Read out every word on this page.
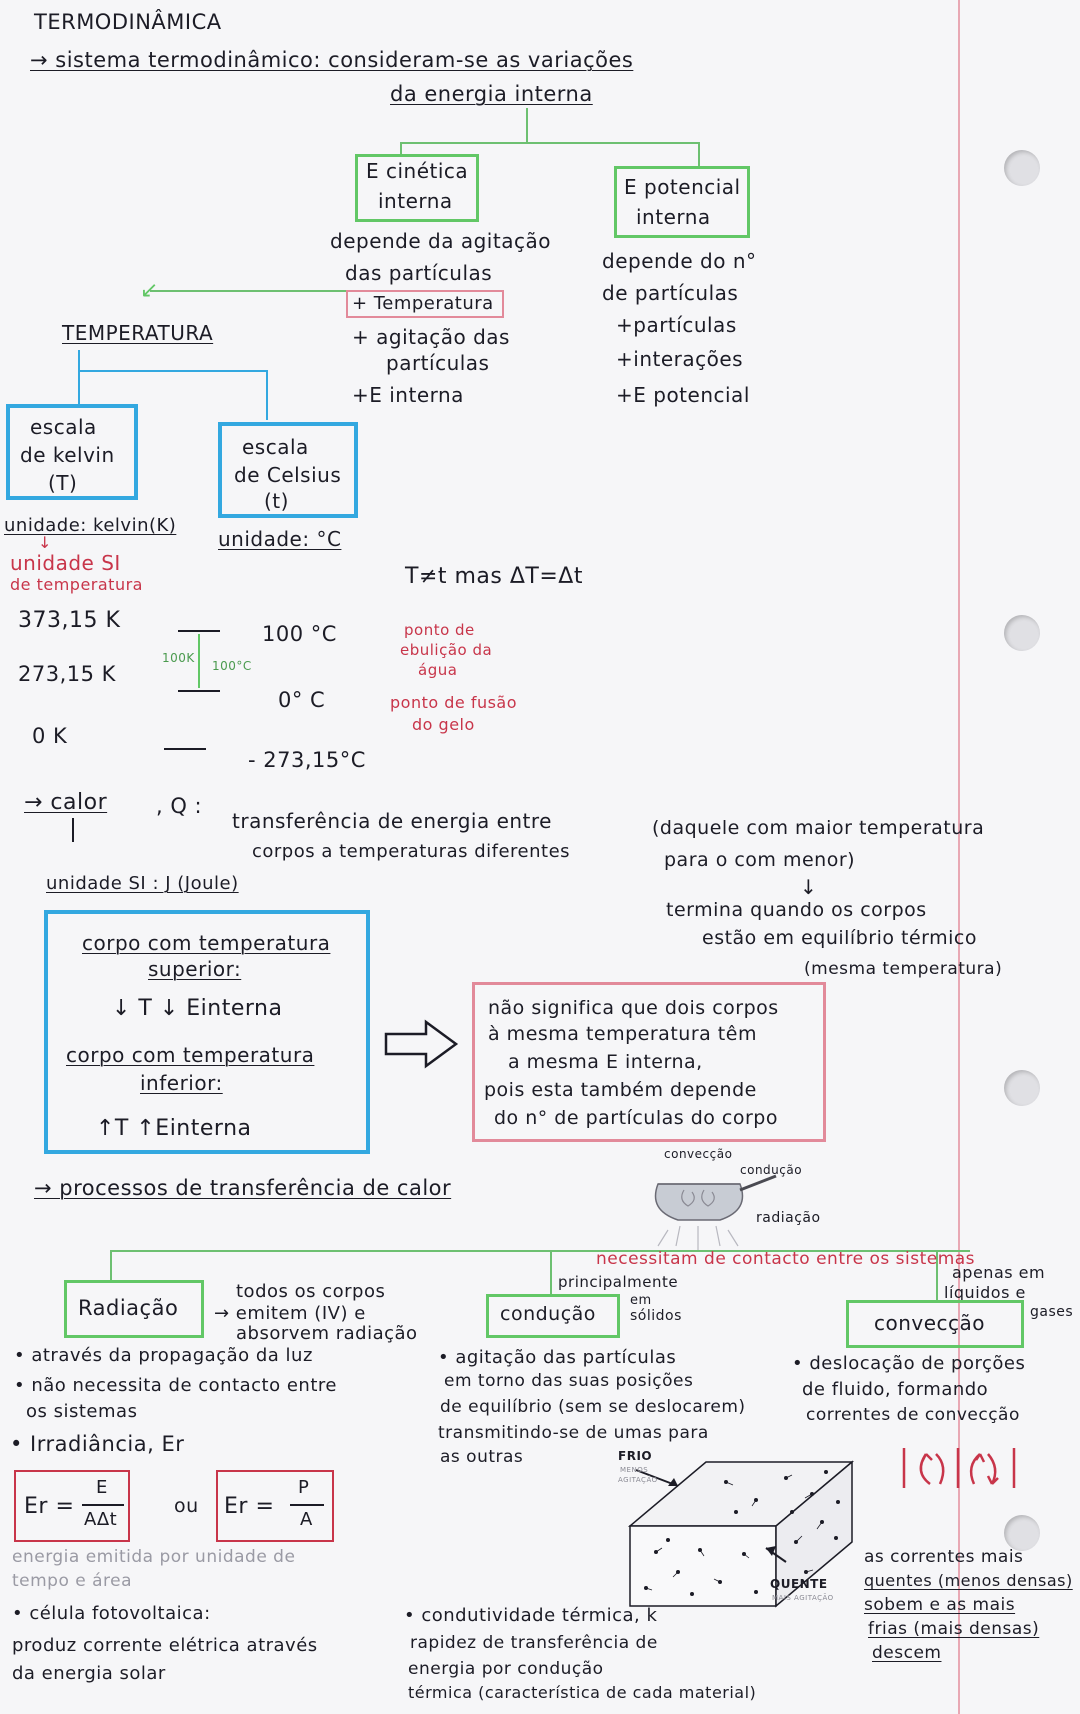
TERMODINÂMICA
→ sistema termodinâmico: consideram-se as variações
da energia interna
E cinética
interna
depende da agitação
das partículas
+ Temperatura
+ agitação das
partículas
+E interna
E potencial
interna
depende do n°
de partículas
+partículas
+interações
+E potencial
↙
TEMPERATURA
escala
de kelvin
(T)
escala
de Celsius
(t)
unidade: kelvin(K)
↓
unidade SI
de temperatura
unidade: °C
T≠t mas ΔT=Δt
373,15 K
273,15 K
0 K
100K
100°C
100 °C
0° C
- 273,15°C
ponto de
ebulição da
água
ponto de fusão
do gelo
→ calor , Q :
transferência de energia entre
corpos a temperaturas diferentes
unidade SI : J (Joule)
(daquele com maior temperatura
para o com menor)
↓
termina quando os corpos
estão em equilíbrio térmico
(mesma temperatura)
corpo com temperatura
superior:
↓ T ↓ Einterna
corpo com temperatura
inferior:
↑T ↑Einterna
não significa que dois corpos
à mesma temperatura têm
a mesma E interna,
pois esta também depende
do n° de partículas do corpo
→ processos de transferência de calor
convecção
condução
radiação
necessitam de contacto entre os sistemas
principalmente
em
sólidos
apenas em
líquidos e
gases
Radiação
todos os corpos
→ emitem (IV) e
absorvem radiação
condução	convecção
• através da propagação da luz
• não necessita de contacto entre
os sistemas
• Irradiância, Er
Er =
E
AΔt
ou Er =
P
A
energia emitida por unidade de
tempo e área
• célula fotovoltaica:
produz corrente elétrica através
da energia solar
• agitação das partículas
em torno das suas posições
de equilíbrio (sem se deslocarem)
transmitindo-se de umas para
as outras	FRIO
MENOS
AGITAÇÃO
QUENTE
MAIS AGITAÇÃO
• condutividade térmica, k
rapidez de transferência de
energia por condução
térmica (característica de cada material)
• deslocação de porções
de fluido, formando
correntes de convecção
as correntes mais
quentes (menos densas)
sobem e as mais
frias (mais densas)
descem
